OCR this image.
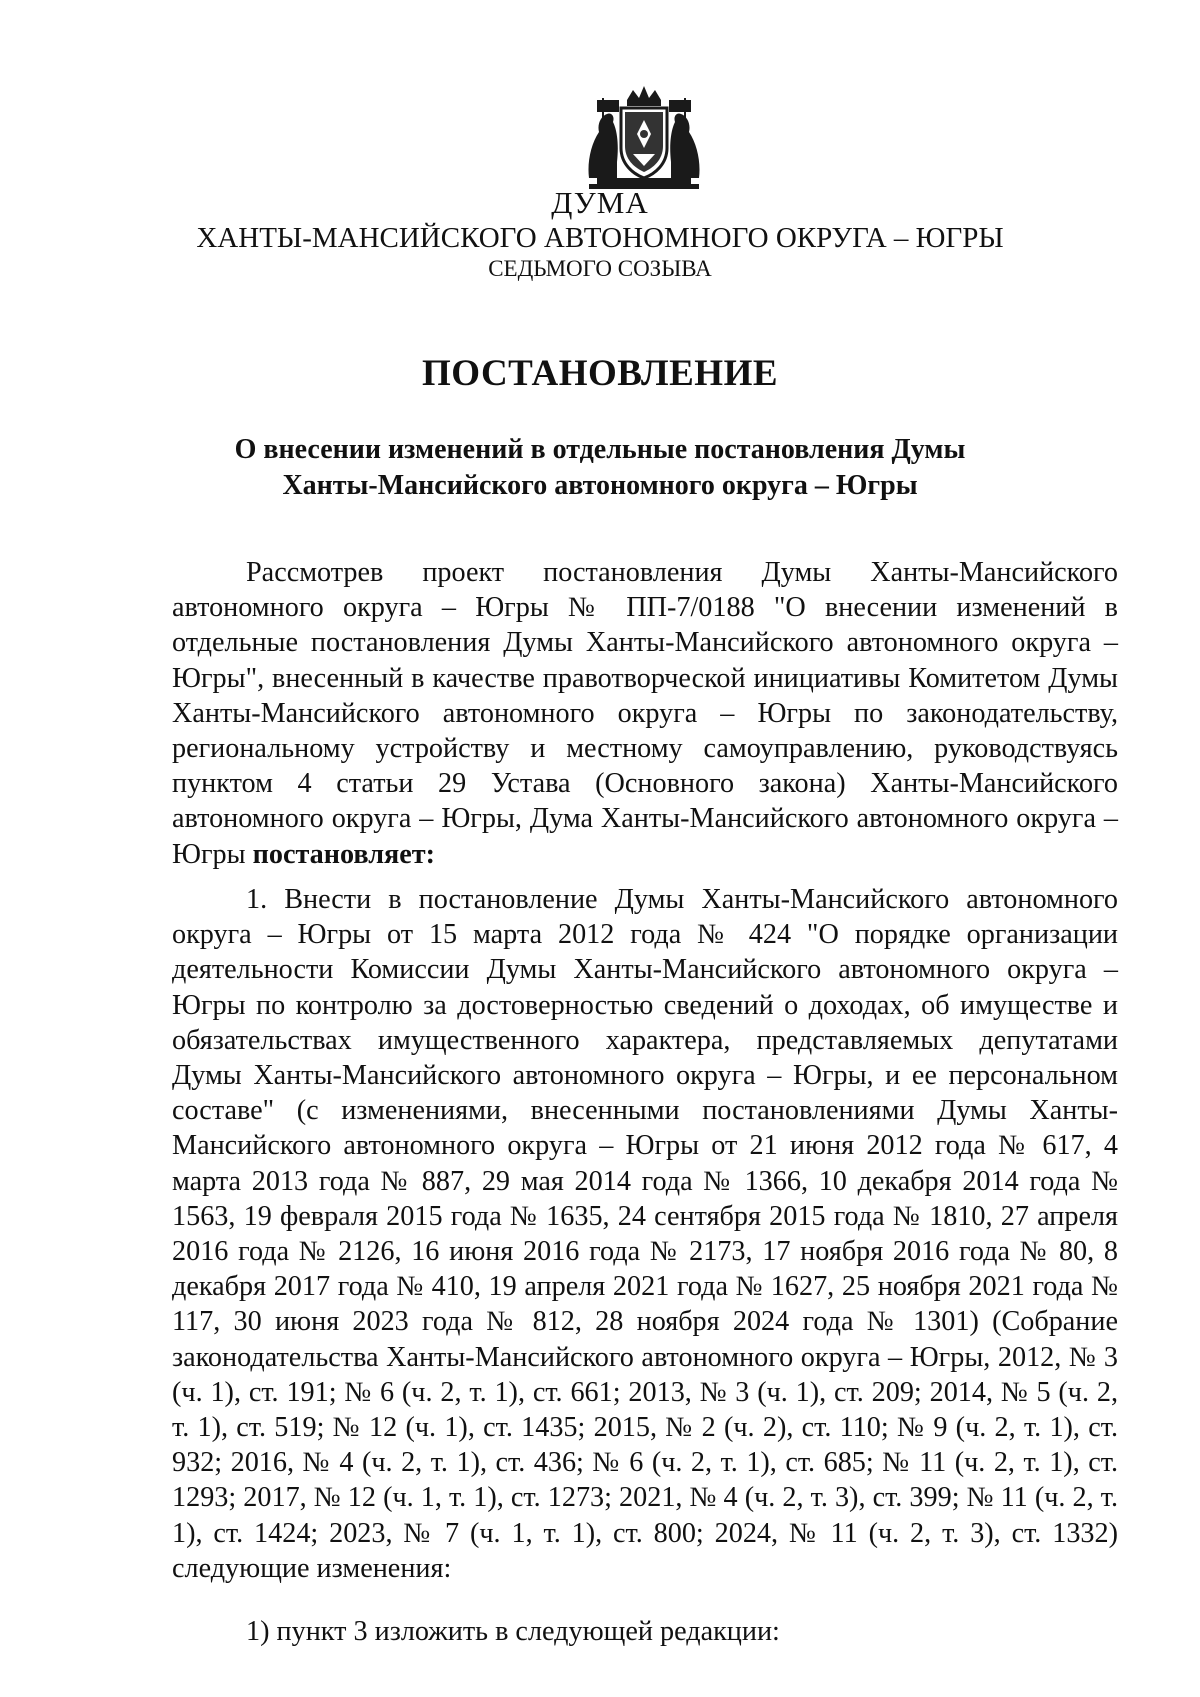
ДУМА
ХАНТЫ-МАНСИЙСКОГО АВТОНОМНОГО ОКРУГА – ЮГРЫ
СЕДЬМОГО СОЗЫВА
ПОСТАНОВЛЕНИЕ
О внесении изменений в отдельные постановления Думы
Ханты-Мансийского автономного округа – Югры

Рассмотрев проект постановления Думы Ханты-Мансийского автономного округа – Югры № ПП-7/0188 "О внесении изменений в отдельные постановления Думы Ханты-Мансийского автономного округа – Югры", внесенный в качестве правотворческой инициативы Комитетом Думы Ханты-Мансийского автономного округа – Югры по законодательству, региональному устройству и местному самоуправлению, руководствуясь пунктом 4 статьи 29 Устава (Основного закона) Ханты-Мансийского автономного округа – Югры, Дума Ханты-Мансийского автономного округа – Югры постановляет:

1. Внести в постановление Думы Ханты-Мансийского автономного округа – Югры от 15 марта 2012 года № 424 "О порядке организации деятельности Комиссии Думы Ханты-Мансийского автономного округа – Югры по контролю за достоверностью сведений о доходах, об имуществе и обязательствах имущественного характера, представляемых депутатами Думы Ханты-Мансийского автономного округа – Югры, и ее персональном составе" (с изменениями, внесенными постановлениями Думы Ханты-Мансийского автономного округа – Югры от 21 июня 2012 года № 617, 4 марта 2013 года № 887, 29 мая 2014 года № 1366, 10 декабря 2014 года № 1563, 19 февраля 2015 года № 1635, 24 сентября 2015 года № 1810, 27 апреля 2016 года № 2126, 16 июня 2016 года № 2173, 17 ноября 2016 года № 80, 8 декабря 2017 года № 410, 19 апреля 2021 года № 1627, 25 ноября 2021 года № 117, 30 июня 2023 года № 812, 28 ноября 2024 года № 1301) (Собрание законодательства Ханты-Мансийского автономного округа – Югры, 2012, № 3 (ч. 1), ст. 191; № 6 (ч. 2, т. 1), ст. 661; 2013, № 3 (ч. 1), ст. 209; 2014, № 5 (ч. 2, т. 1), ст. 519; № 12 (ч. 1), ст. 1435; 2015, № 2 (ч. 2), ст. 110; № 9 (ч. 2, т. 1), ст. 932; 2016, № 4 (ч. 2, т. 1), ст. 436; № 6 (ч. 2, т. 1), ст. 685; № 11 (ч. 2, т. 1), ст. 1293; 2017, № 12 (ч. 1, т. 1), ст. 1273; 2021, № 4 (ч. 2, т. 3), ст. 399; № 11 (ч. 2, т. 1), ст. 1424; 2023, № 7 (ч. 1, т. 1), ст. 800; 2024, № 11 (ч. 2, т. 3), ст. 1332) следующие изменения:

1) пункт 3 изложить в следующей редакции:
